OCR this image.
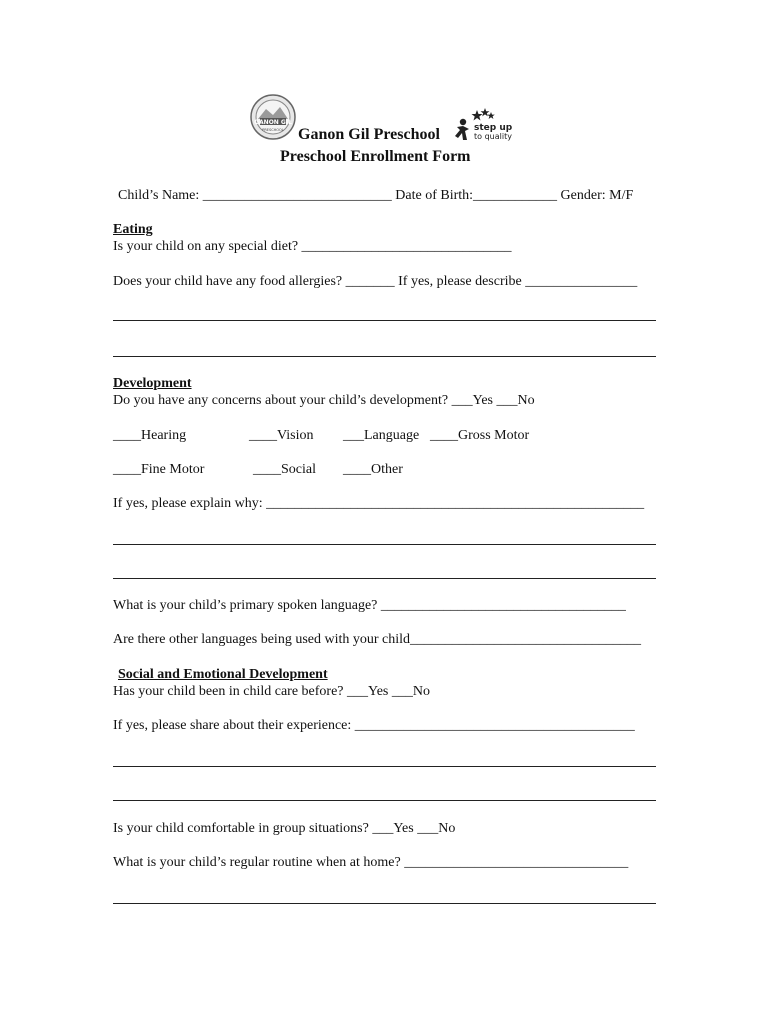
GANON GIL
PRESCHOOL	step up
to quality
Ganon Gil Preschool
Preschool Enrollment Form
Child’s Name: ___________________________ Date of Birth:____________ Gender: M/F
Eating
Is your child on any special diet? ______________________________
Does your child have any food allergies? _______ If yes, please describe ________________
Development
Do you have any concerns about your child’s development? ___Yes ___No
____Hearing	____Vision ___Language ____Gross Motor
____Fine Motor	____Social ____Other
If yes, please explain why: ______________________________________________________
What is your child’s primary spoken language? ___________________________________
Are there other languages being used with your child_________________________________
Social and Emotional Development
Has your child been in child care before? ___Yes ___No
If yes, please share about their experience: ________________________________________
Is your child comfortable in group situations? ___Yes ___No
What is your child’s regular routine when at home? ________________________________
